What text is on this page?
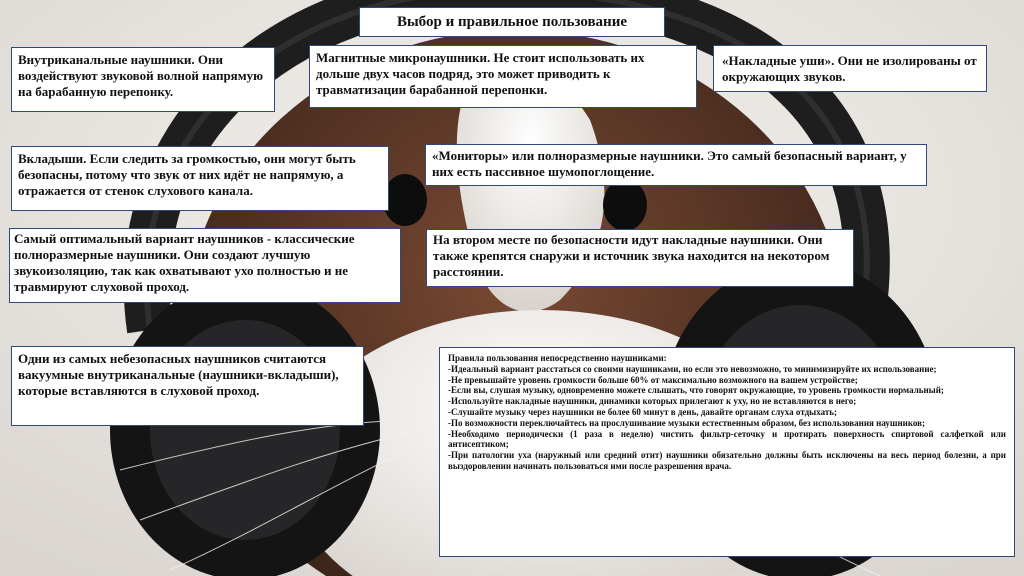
Выбор и правильное пользование
Внутриканальные наушники. Они воздействуют звуковой волной напрямую на барабанную перепонку.
Магнитные микронаушники. Не стоит использовать их дольше двух часов подряд, это может приводить к травматизации барабанной перепонки.
«Накладные уши». Они не изолированы от окружающих звуков.
Вкладыши. Если следить за громкостью, они могут быть безопасны, потому что звук от них идёт не напрямую, а отражается от стенок слухового канала.
«Мониторы» или полноразмерные наушники. Это самый безопасный вариант, у них есть пассивное шумопоглощение.
Самый оптимальный вариант наушников - классические полноразмерные наушники. Они создают лучшую звукоизоляцию, так как охватывают ухо полностью и не травмируют слуховой проход.
На втором месте по безопасности идут накладные наушники. Они также крепятся снаружи и источник звука находится на некотором расстоянии.
Одни из самых небезопасных наушников считаются вакуумные внутриканальные (наушники-вкладыши), которые вставляются в слуховой проход.

Правила пользования непосредственно наушниками:

-Идеальный вариант расстаться со своими наушниками, но если это невозможно, то минимизируйте их использование;

-Не превышайте уровень громкости больше 60% от максимально возможного на вашем устройстве;

-Если вы, слушая музыку, одновременно можете слышать, что говорят окружающие, то уровень громкости нормальный;

-Используйте накладные наушники, динамики которых прилегают к уху, но не вставляются в него;

-Слушайте музыку через наушники не более 60 минут в день, давайте органам слуха отдыхать;

-По возможности переключайтесь на прослушивание музыки естественным образом, без использования наушников;

-Необходимо периодически (1 раза в неделю) чистить фильтр-сеточку и протирать поверхность спиртовой салфеткой или антисептиком;

-При патологии уха (наружный или средний отит) наушники обязательно должны быть исключены на весь период болезни, а при выздоровлении начинать пользоваться ими после разрешения врача.
